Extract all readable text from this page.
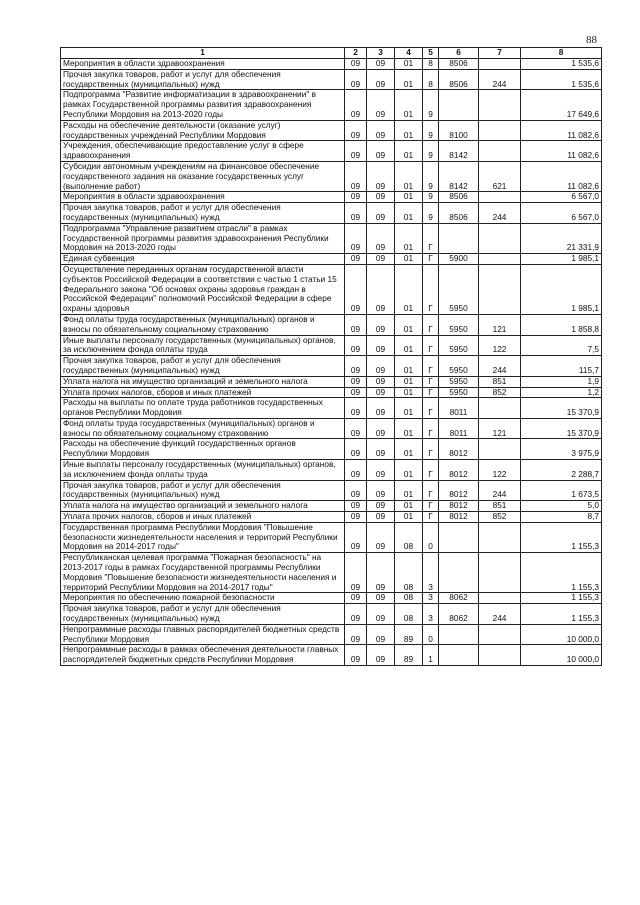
88
1	2	3	4	5	6	7	8
Мероприятия в области здравоохранения	09	09	01	8	8506		1 535,6
Прочая закупка товаров, работ и услуг для обеспечения государственных (муниципальных) нужд	09	09	01	8	8506	244	1 535,6
Подпрограмма "Развитие информатизации в здравоохранении" в рамках Государственной программы развития здравоохранения Республики Мордовия на 2013-2020 годы	09	09	01	9			17 649,6
Расходы на обеспечение деятельности (оказание услуг) государственных учреждений Республики Мордовия	09	09	01	9	8100		11 082,6
Учреждения, обеспечивающие предоставление услуг в сфере здравоохранения	09	09	01	9	8142		11 082,6
Субсидии автономным учреждениям на финансовое обеспечение государственного задания на оказание государственных услуг (выполнение работ)	09	09	01	9	8142	621	11 082,6
Мероприятия в области здравоохранения	09	09	01	9	8506		6 567,0
Прочая закупка товаров, работ и услуг для обеспечения государственных (муниципальных) нужд	09	09	01	9	8506	244	6 567,0
Подпрограмма "Управление развитием отрасли" в рамках Государственной программы развития здравоохранения Республики Мордовия на 2013-2020 годы	09	09	01	Г			21 331,9
Единая субвенция	09	09	01	Г	5900		1 985,1
Осуществление переданных органам государственной власти субъектов Российской Федерации в соответствии с частью 1 статьи 15 Федерального закона "Об основах охраны здоровья граждан в Российской Федерации" полномочий Российской Федерации в сфере охраны здоровья	09	09	01	Г	5950		1 985,1
Фонд оплаты труда государственных (муниципальных) органов и взносы по обязательному социальному страхованию	09	09	01	Г	5950	121	1 858,8
Иные выплаты персоналу государственных (муниципальных) органов, за исключением фонда оплаты труда	09	09	01	Г	5950	122	7,5
Прочая закупка товаров, работ и услуг для обеспечения государственных (муниципальных) нужд	09	09	01	Г	5950	244	115,7
Уплата налога на имущество организаций и земельного налога	09	09	01	Г	5950	851	1,9
Уплата прочих налогов, сборов и иных платежей	09	09	01	Г	5950	852	1,2
Расходы на выплаты по оплате труда работников государственных органов Республики Мордовия	09	09	01	Г	8011		15 370,9
Фонд оплаты труда государственных (муниципальных) органов и взносы по обязательному социальному страхованию	09	09	01	Г	8011	121	15 370,9
Расходы на обеспечение функций государственных органов Республики Мордовия	09	09	01	Г	8012		3 975,9
Иные выплаты персоналу государственных (муниципальных) органов, за исключением фонда оплаты труда	09	09	01	Г	8012	122	2 288,7
Прочая закупка товаров, работ и услуг для обеспечения государственных (муниципальных) нужд	09	09	01	Г	8012	244	1 673,5
Уплата налога на имущество организаций и земельного налога	09	09	01	Г	8012	851	5,0
Уплата прочих налогов, сборов и иных платежей	09	09	01	Г	8012	852	8,7
Государственная программа Республики Мордовия "Повышение безопасности жизнедеятельности населения и территорий Республики Мордовия на 2014-2017 годы"	09	09	08	0			1 155,3
Республиканская целевая программа "Пожарная безопасность" на 2013-2017 годы в рамках Государственной программы Республики Мордовия "Повышение безопасности жизнедеятельности населения и территорий Республики Мордовия на 2014-2017 годы"	09	09	08	3			1 155,3
Мероприятия по обеспечению пожарной безопасности	09	09	08	3	8062		1 155,3
Прочая закупка товаров, работ и услуг для обеспечения государственных (муниципальных) нужд	09	09	08	3	8062	244	1 155,3
Непрограммные расходы главных распорядителей бюджетных средств Республики Мордовия	09	09	89	0			10 000,0
Непрограммные расходы в рамках обеспечения деятельности главных распорядителей бюджетных средств Республики Мордовия	09	09	89	1			10 000,0
